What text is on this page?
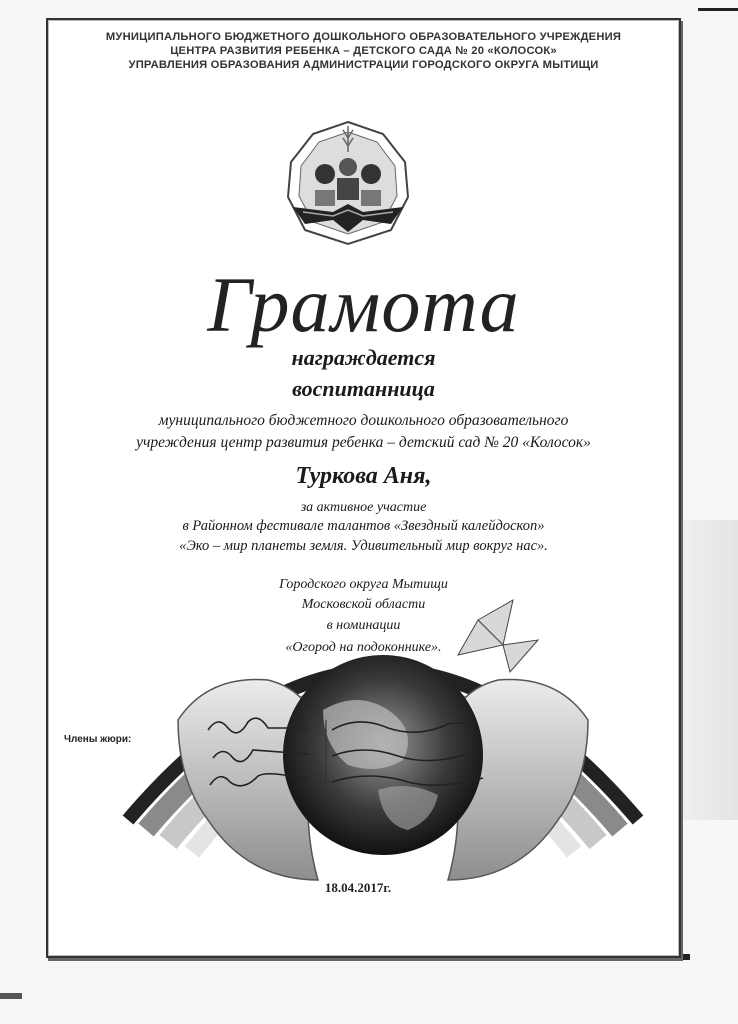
МУНИЦИПАЛЬНОГО БЮДЖЕТНОГО ДОШКОЛЬНОГО ОБРАЗОВАТЕЛЬНОГО УЧРЕЖДЕНИЯ
ЦЕНТРА РАЗВИТИЯ РЕБЕНКА – ДЕТСКОГО САДА № 20 «КОЛОСОК»
УПРАВЛЕНИЯ ОБРАЗОВАНИЯ АДМИНИСТРАЦИИ ГОРОДСКОГО ОКРУГА МЫТИЩИ
Грамота
награждается
воспитанница
муниципального бюджетного дошкольного образовательного
учреждения центр развития ребенка – детский сад № 20 «Колосок»
Туркова Аня,
за активное участие
в Районном фестивале талантов «Звездный калейдоскоп»
«Эко – мир планеты земля. Удивительный мир вокруг нас».
Городского округа Мытищи
Московской области
в номинации
«Огород на подоконнике».
Члены жюри:
18.04.2017г.
